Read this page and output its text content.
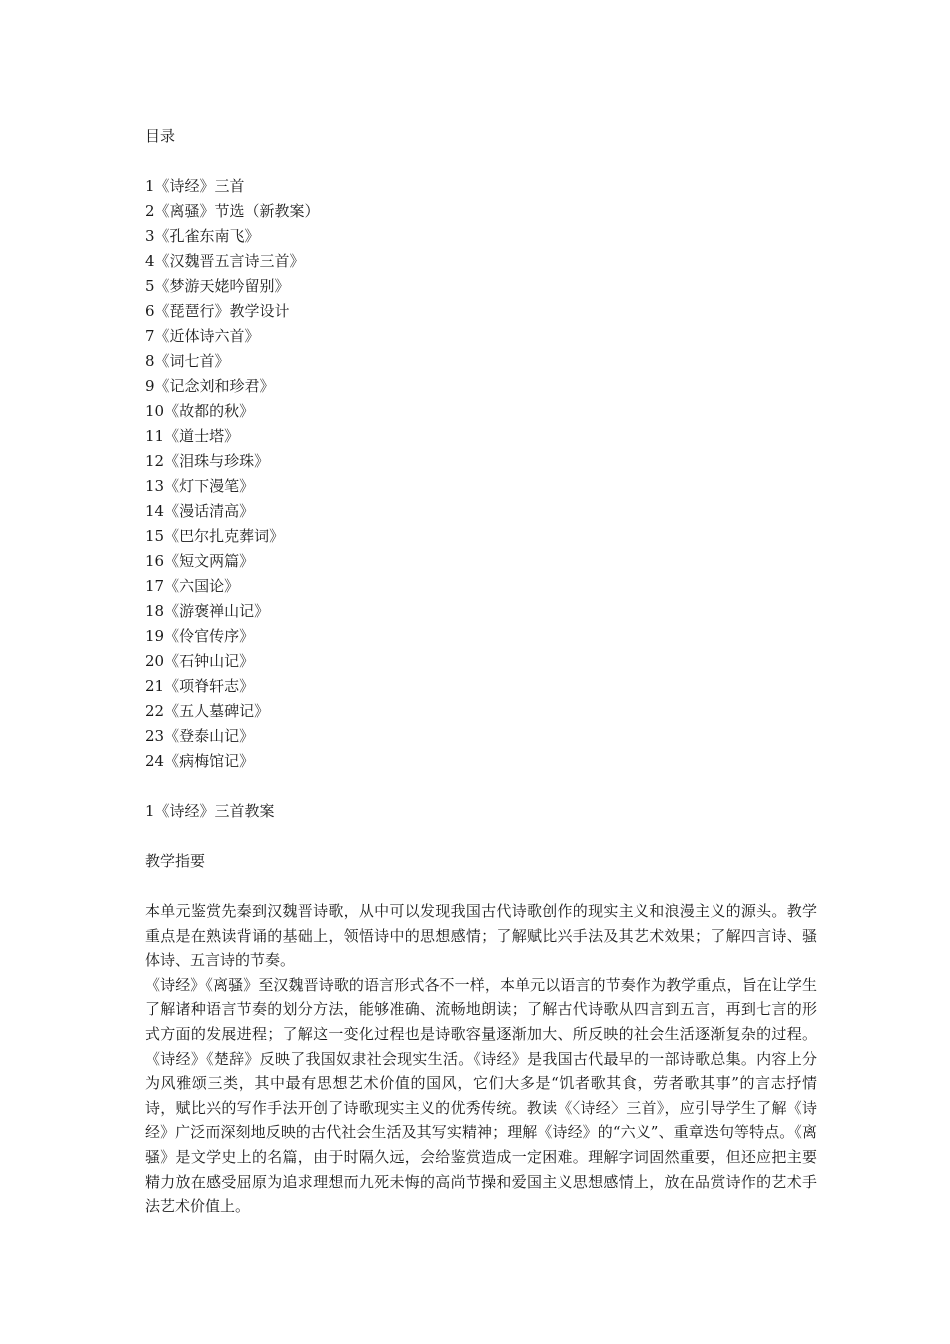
目录
1《诗经》三首
2《离骚》节选（新教案）
3《孔雀东南飞》
4《汉魏晋五言诗三首》
5《梦游天姥吟留别》
6《琵琶行》教学设计
7《近体诗六首》
8《词七首》
9《记念刘和珍君》
10《故都的秋》
11《道士塔》
12《泪珠与珍珠》
13《灯下漫笔》
14《漫话清高》
15《巴尔扎克葬词》
16《短文两篇》
17《六国论》
18《游褒禅山记》
19《伶官传序》
20《石钟山记》
21《项脊轩志》
22《五人墓碑记》
23《登泰山记》
24《病梅馆记》
1《诗经》三首教案
教学指要

本单元鉴赏先秦到汉魏晋诗歌，从中可以发现我国古代诗歌创作的现实主义和浪漫主义的源头。教学重点是在熟读背诵的基础上，领悟诗中的思想感情；了解赋比兴手法及其艺术效果；了解四言诗、骚体诗、五言诗的节奏。

《诗经》《离骚》至汉魏晋诗歌的语言形式各不一样，本单元以语言的节奏作为教学重点，旨在让学生了解诸种语言节奏的划分方法，能够准确、流畅地朗读；了解古代诗歌从四言到五言，再到七言的形式方面的发展进程；了解这一变化过程也是诗歌容量逐渐加大、所反映的社会生活逐渐复杂的过程。《诗经》《楚辞》反映了我国奴隶社会现实生活。《诗经》是我国古代最早的一部诗歌总集。内容上分为风雅颂三类，其中最有思想艺术价值的国风，它们大多是“饥者歌其食，劳者歌其事”的言志抒情诗，赋比兴的写作手法开创了诗歌现实主义的优秀传统。教读《〈诗经〉三首》，应引导学生了解《诗经》广泛而深刻地反映的古代社会生活及其写实精神；理解《诗经》的“六义”、重章迭句等特点。《离骚》是文学史上的名篇，由于时隔久远，会给鉴赏造成一定困难。理解字词固然重要，但还应把主要精力放在感受屈原为追求理想而九死未悔的高尚节操和爱国主义思想感情上，放在品赏诗作的艺术手法艺术价值上。
